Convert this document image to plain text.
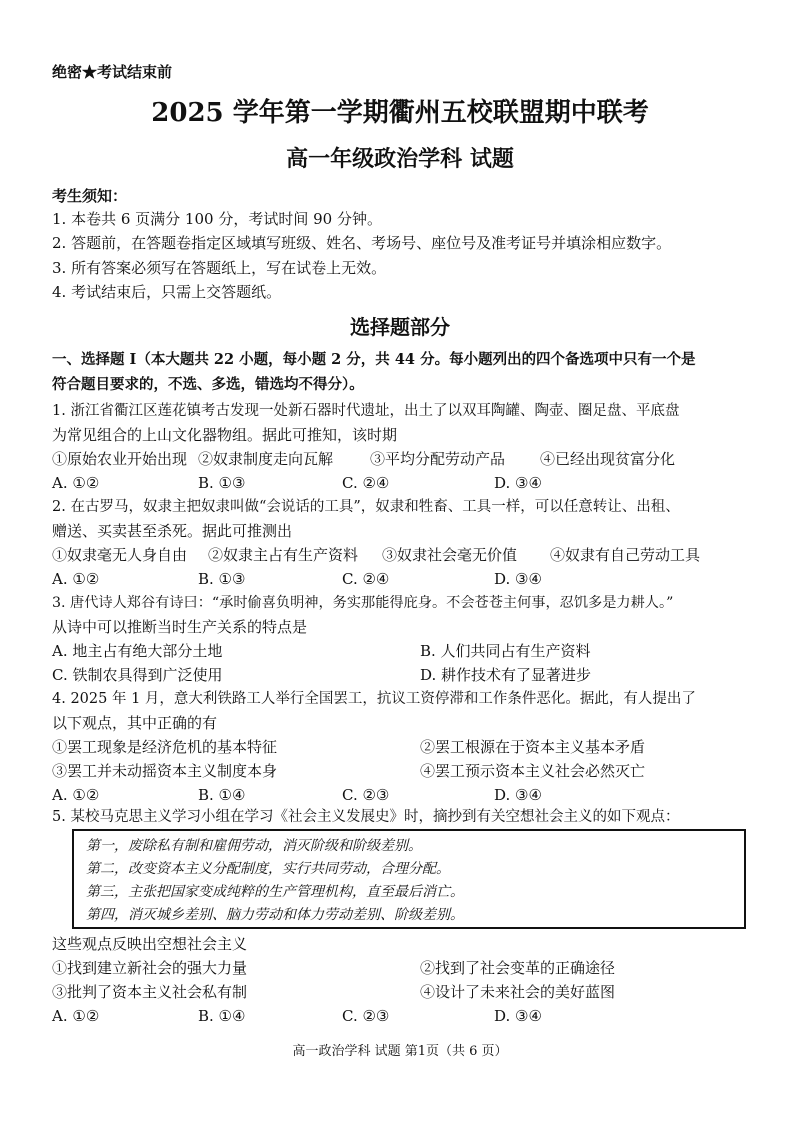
绝密★考试结束前
2025 学年第一学期衢州五校联盟期中联考
高一年级政治学科 试题
考生须知：
1. 本卷共 6 页满分 100 分，考试时间 90 分钟。
2. 答题前，在答题卷指定区域填写班级、姓名、考场号、座位号及准考证号并填涂相应数字。
3. 所有答案必须写在答题纸上，写在试卷上无效。
4. 考试结束后，只需上交答题纸。
选择题部分
一、选择题 I（本大题共 22 小题，每小题 2 分，共 44 分。每小题列出的四个备选项中只有一个是
符合题目要求的，不选、多选，错选均不得分）。
1. 浙江省衢江区莲花镇考古发现一处新石器时代遗址，出土了以双耳陶罐、陶壶、圈足盘、平底盘
为常见组合的上山文化器物组。据此可推知，该时期
①原始农业开始出现 ②奴隶制度走向瓦解 ③平均分配劳动产品 ④已经出现贫富分化
A. ①②	B. ①③	C. ②④	D. ③④
2. 在古罗马，奴隶主把奴隶叫做“会说话的工具”，奴隶和牲畜、工具一样，可以任意转让、出租、
赠送、买卖甚至杀死。据此可推测出
①奴隶毫无人身自由 ②奴隶主占有生产资料 ③奴隶社会毫无价值 ④奴隶有自己劳动工具
A. ①②	B. ①③	C. ②④	D. ③④
3. 唐代诗人郑谷有诗曰：“承时偷喜负明神，务实那能得庇身。不会苍苍主何事，忍饥多是力耕人。”
从诗中可以推断当时生产关系的特点是
A. 地主占有绝大部分土地	B. 人们共同占有生产资料
C. 铁制农具得到广泛使用	D. 耕作技术有了显著进步
4. 2025 年 1 月，意大利铁路工人举行全国罢工，抗议工资停滞和工作条件恶化。据此，有人提出了
以下观点，其中正确的有
①罢工现象是经济危机的基本特征	②罢工根源在于资本主义基本矛盾
③罢工并未动摇资本主义制度本身	④罢工预示资本主义社会必然灭亡
A. ①②	B. ①④	C. ②③	D. ③④
5. 某校马克思主义学习小组在学习《社会主义发展史》时，摘抄到有关空想社会主义的如下观点：
第一，废除私有制和雇佣劳动，消灭阶级和阶级差别。
第二，改变资本主义分配制度，实行共同劳动，合理分配。
第三，主张把国家变成纯粹的生产管理机构，直至最后消亡。
第四，消灭城乡差别、脑力劳动和体力劳动差别、阶级差别。
这些观点反映出空想社会主义
①找到建立新社会的强大力量	②找到了社会变革的正确途径
③批判了资本主义社会私有制	④设计了未来社会的美好蓝图
A. ①②	B. ①④	C. ②③	D. ③④
高一政治学科 试题 第1页（共 6 页）
